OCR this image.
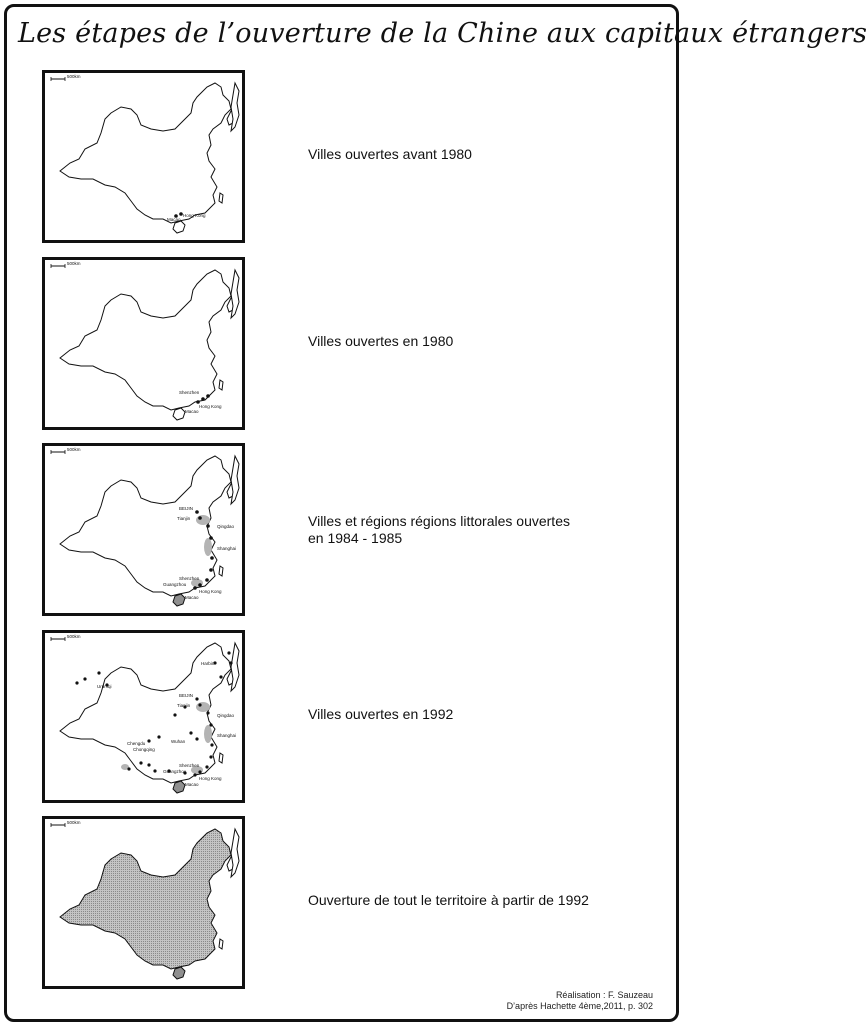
Les étapes de l’ouverture de la Chine aux capitaux étrangers
500km
Hong Kong
Macao
Villes ouvertes avant 1980
500km
Shenzhen
Hong Kong
Macao
Villes ouvertes en 1980
500km
BEIJIN
Tianjin
Qingdao
Shanghai
Shenzhen
Guangzhou
Hong Kong
Macao
Villes et régions régions littorales ouvertes
en 1984 - 1985
500km
Harbin
Urumqi
BEIJIN
Tianjin
Qingdao
Shanghai
Wuhan
Chengdu
Chongqing
Shenzhen
Guangzhou
Hong Kong
Macao
Villes ouvertes en 1992
500km
Ouverture de tout le territoire à partir de 1992
Réalisation : F. Sauzeau
D’après Hachette 4ème,2011, p. 302
